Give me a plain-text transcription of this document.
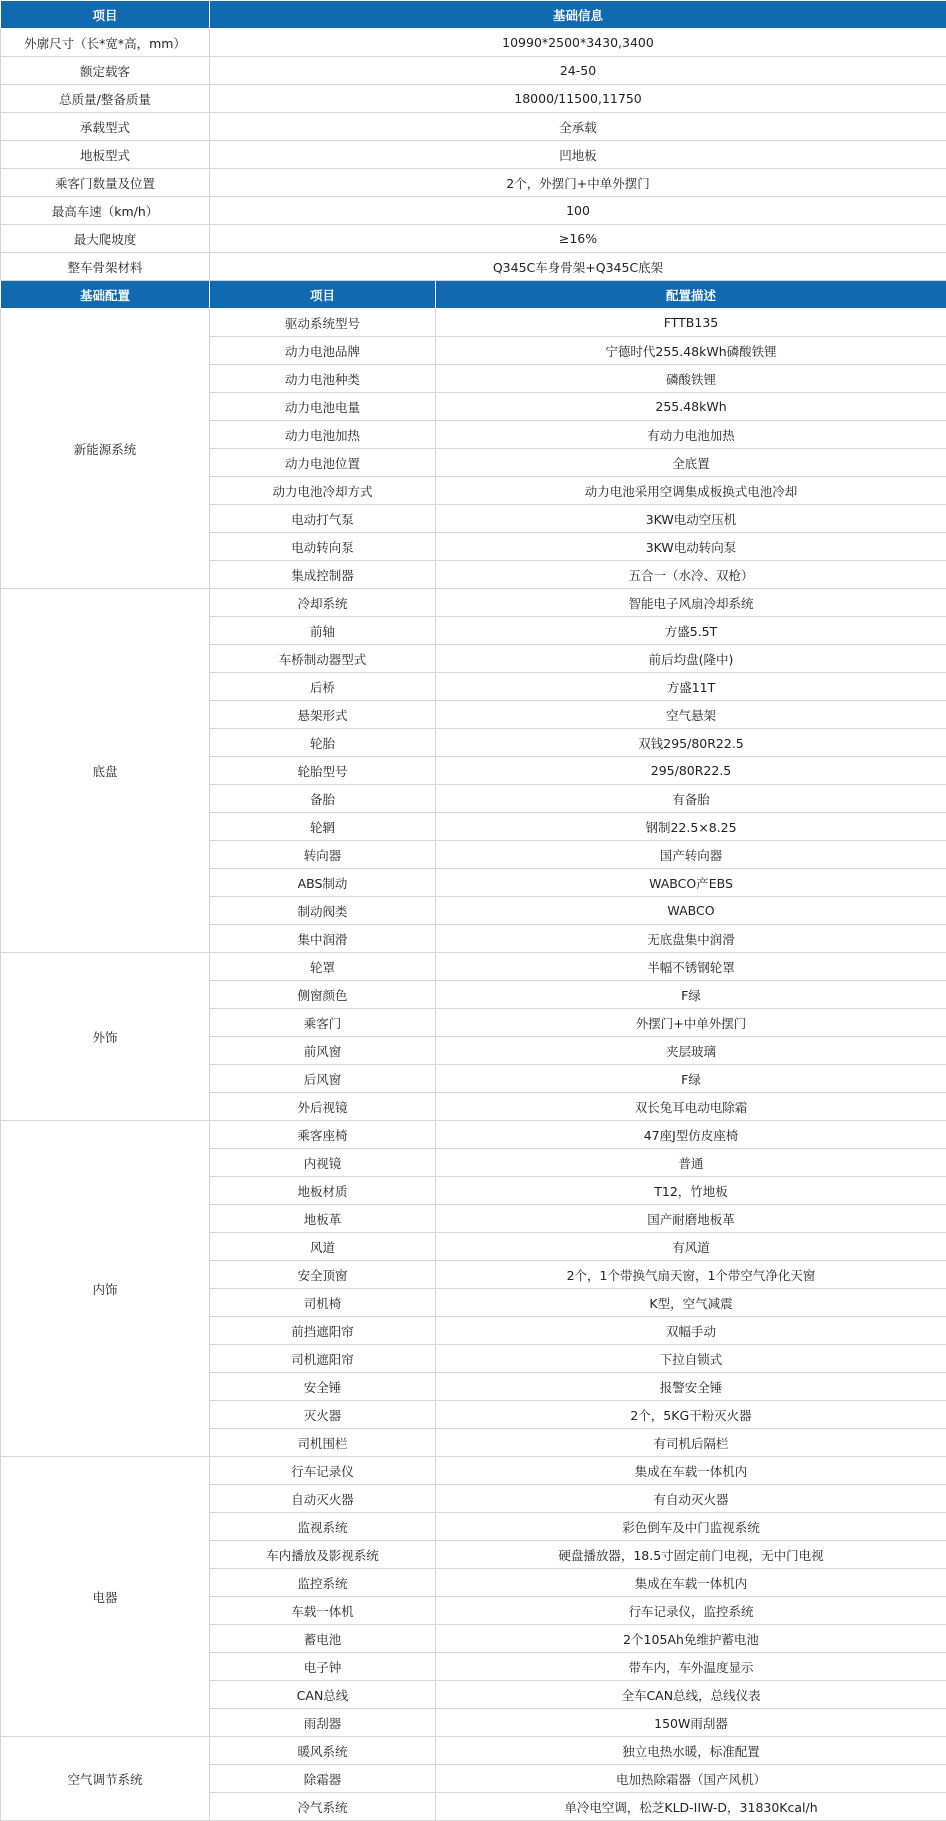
项目	基础信息	
外廓尺寸（长*宽*高，mm）	10990*2500*3430,3400	
额定载客	24-50	
总质量/整备质量	18000/11500,11750	
承载型式	全承载	
地板型式	凹地板	
乘客门数量及位置	2个，外摆门+中单外摆门	
最高车速（km/h）	100	
最大爬坡度	≥16%	
整车骨架材料	Q345C车身骨架+Q345C底架	
基础配置	项目	配置描述
新能源系统	驱动系统型号	FTTB135
	动力电池品牌	宁德时代255.48kWh磷酸铁锂
	动力电池种类	磷酸铁锂
	动力电池电量	255.48kWh
	动力电池加热	有动力电池加热
	动力电池位置	全底置
	动力电池冷却方式	动力电池采用空调集成板换式电池冷却
	电动打气泵	3KW电动空压机
	电动转向泵	3KW电动转向泵
	集成控制器	五合一（水冷、双枪）
底盘	冷却系统	智能电子风扇冷却系统
	前轴	方盛5.5T
	车桥制动器型式	前后均盘(隆中)
	后桥	方盛11T
	悬架形式	空气悬架
	轮胎	双钱295/80R22.5
	轮胎型号	295/80R22.5
	备胎	有备胎
	轮辋	钢制22.5×8.25
	转向器	国产转向器
	ABS制动	WABCO产EBS
	制动阀类	WABCO
	集中润滑	无底盘集中润滑
外饰	轮罩	半幅不锈钢轮罩
	侧窗颜色	F绿
	乘客门	外摆门+中单外摆门
	前风窗	夹层玻璃
	后风窗	F绿
	外后视镜	双长兔耳电动电除霜
内饰	乘客座椅	47座J型仿皮座椅
	内视镜	普通
	地板材质	T12，竹地板
	地板革	国产耐磨地板革
	风道	有风道
	安全顶窗	2个，1个带换气扇天窗，1个带空气净化天窗
	司机椅	K型，空气减震
	前挡遮阳帘	双幅手动
	司机遮阳帘	下拉自锁式
	安全锤	报警安全锤
	灭火器	2个，5KG干粉灭火器
	司机围栏	有司机后隔栏
电器	行车记录仪	集成在车载一体机内
	自动灭火器	有自动灭火器
	监视系统	彩色倒车及中门监视系统
	车内播放及影视系统	硬盘播放器，18.5寸固定前门电视，无中门电视
	监控系统	集成在车载一体机内
	车载一体机	行车记录仪，监控系统
	蓄电池	2个105Ah免维护蓄电池
	电子钟	带车内，车外温度显示
	CAN总线	全车CAN总线，总线仪表
	雨刮器	150W雨刮器
空气调节系统	暖风系统	独立电热水暖，标准配置
	除霜器	电加热除霜器（国产风机）
	冷气系统	单冷电空调，松芝KLD-IIW-D，31830Kcal/h
